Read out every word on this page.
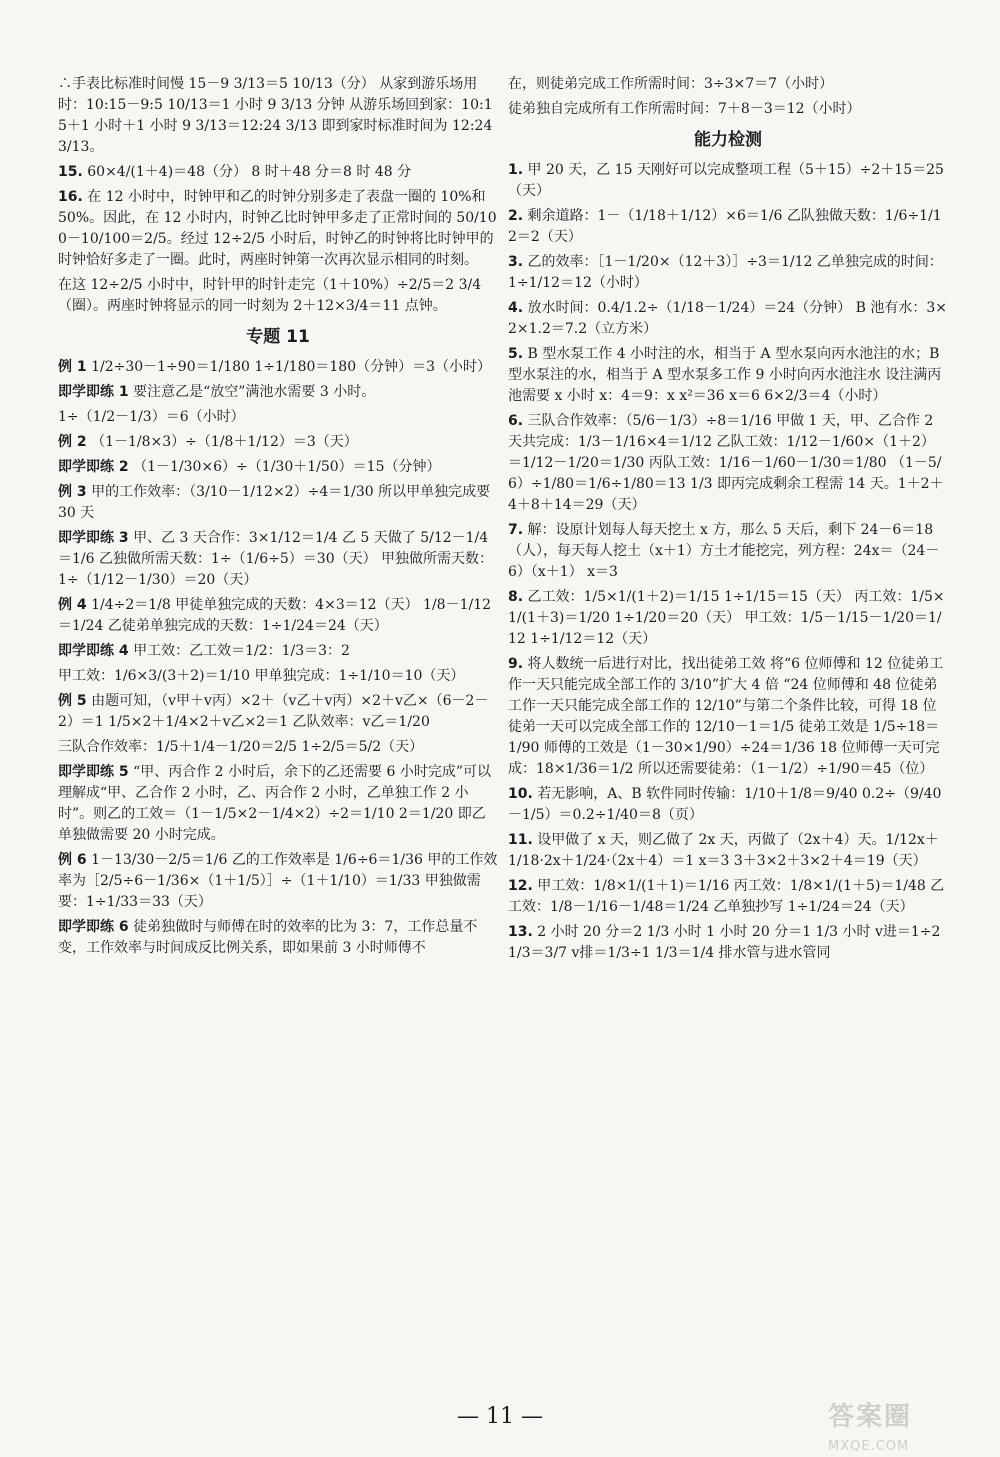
∴手表比标准时间慢 15－9 3/13＝5 10/13（分） 从家到游乐场用时：10:15－9:5 10/13＝1 小时 9 3/13 分钟 从游乐场回到家：10:15＋1 小时＋1 小时 9 3/13＝12:24 3/13 即到家时标准时间为 12:24 3/13。

15. 60×4/(1＋4)＝48（分） 8 时＋48 分＝8 时 48 分

16. 在 12 小时中，时钟甲和乙的时钟分别多走了表盘一圈的 10%和 50%。因此，在 12 小时内，时钟乙比时钟甲多走了正常时间的 50/100－10/100＝2/5。经过 12÷2/5 小时后，时钟乙的时钟将比时钟甲的时钟恰好多走了一圈。此时，两座时钟第一次再次显示相同的时刻。

在这 12÷2/5 小时中，时针甲的时针走完（1＋10%）÷2/5＝2 3/4（圈）。两座时钟将显示的同一时刻为 2＋12×3/4＝11 点钟。

专题 11

例 1 1/2÷30－1÷90＝1/180 1÷1/180＝180（分钟）＝3（小时）

即学即练 1 要注意乙是“放空”满池水需要 3 小时。

1÷（1/2－1/3）＝6（小时）

例 2 （1－1/8×3）÷（1/8＋1/12）＝3（天）

即学即练 2 （1－1/30×6）÷（1/30＋1/50）＝15（分钟）

例 3 甲的工作效率：（3/10－1/12×2）÷4＝1/30 所以甲单独完成要 30 天

即学即练 3 甲、乙 3 天合作：3×1/12＝1/4 乙 5 天做了 5/12－1/4＝1/6 乙独做所需天数：1÷（1/6÷5）＝30（天） 甲独做所需天数：1÷（1/12－1/30）＝20（天）

例 4 1/4÷2＝1/8 甲徒单独完成的天数：4×3＝12（天） 1/8－1/12＝1/24 乙徒弟单独完成的天数：1÷1/24＝24（天）

即学即练 4 甲工效：乙工效＝1/2：1/3＝3：2

甲工效：1/6×3/(3＋2)＝1/10 甲单独完成：1÷1/10＝10（天）

例 5 由题可知，（v甲＋v丙）×2＋（v乙＋v丙）×2＋v乙×（6－2－2）＝1 1/5×2＋1/4×2＋v乙×2＝1 乙队效率：v乙＝1/20

三队合作效率：1/5＋1/4－1/20＝2/5 1÷2/5＝5/2（天）

即学即练 5 “甲、丙合作 2 小时后，余下的乙还需要 6 小时完成”可以理解成“甲、乙合作 2 小时，乙、丙合作 2 小时，乙单独工作 2 小时”。则乙的工效＝（1－1/5×2－1/4×2）÷2＝1/10 2＝1/20 即乙单独做需要 20 小时完成。

例 6 1－13/30－2/5＝1/6 乙的工作效率是 1/6÷6＝1/36 甲的工作效率为［2/5÷6－1/36×（1＋1/5）］÷（1＋1/10）＝1/33 甲独做需要：1÷1/33＝33（天）

即学即练 6 徒弟独做时与师傅在时的效率的比为 3：7，工作总量不变，工作效率与时间成反比例关系，即如果前 3 小时师傅不

在，则徒弟完成工作所需时间：3÷3×7＝7（小时）

徒弟独自完成所有工作所需时间：7＋8－3＝12（小时）

能力检测

1. 甲 20 天，乙 15 天刚好可以完成整项工程（5＋15）÷2＋15＝25（天）

2. 剩余道路：1－（1/18＋1/12）×6＝1/6 乙队独做天数：1/6÷1/12＝2（天）

3. 乙的效率：［1－1/20×（12＋3）］÷3＝1/12 乙单独完成的时间：1÷1/12＝12（小时）

4. 放水时间：0.4/1.2÷（1/18－1/24）＝24（分钟） B 池有水：3×2×1.2＝7.2（立方米）

5. B 型水泵工作 4 小时注的水，相当于 A 型水泵向丙水池注的水；B 型水泵注的水，相当于 A 型水泵多工作 9 小时向丙水池注水 设注满丙池需要 x 小时 x：4＝9：x x²＝36 x＝6 6×2/3＝4（小时）

6. 三队合作效率：（5/6－1/3）÷8＝1/16 甲做 1 天，甲、乙合作 2 天共完成：1/3－1/16×4＝1/12 乙队工效：1/12－1/60×（1＋2）＝1/12－1/20＝1/30 丙队工效：1/16－1/60－1/30＝1/80 （1－5/6）÷1/80＝1/6÷1/80＝13 1/3 即丙完成剩余工程需 14 天。1＋2＋4＋8＋14＝29（天）

7. 解：设原计划每人每天挖土 x 方，那么 5 天后，剩下 24－6＝18（人），每天每人挖土（x＋1）方土才能挖完，列方程：24x＝（24－6）（x＋1） x＝3

8. 乙工效：1/5×1/(1＋2)＝1/15 1÷1/15＝15（天） 丙工效：1/5×1/(1＋3)＝1/20 1÷1/20＝20（天） 甲工效：1/5－1/15－1/20＝1/12 1÷1/12＝12（天）

9. 将人数统一后进行对比，找出徒弟工效 将“6 位师傅和 12 位徒弟工作一天只能完成全部工作的 3/10”扩大 4 倍 “24 位师傅和 48 位徒弟工作一天只能完成全部工作的 12/10”与第二个条件比较，可得 18 位徒弟一天可以完成全部工作的 12/10－1＝1/5 徒弟工效是 1/5÷18＝1/90 师傅的工效是（1－30×1/90）÷24＝1/36 18 位师傅一天可完成：18×1/36＝1/2 所以还需要徒弟：（1－1/2）÷1/90＝45（位）

10. 若无影响，A、B 软件同时传输：1/10＋1/8＝9/40 0.2÷（9/40－1/5）＝0.2÷1/40＝8（页）

11. 设甲做了 x 天，则乙做了 2x 天，丙做了（2x＋4）天。1/12x＋1/18·2x＋1/24·（2x＋4）＝1 x＝3 3＋3×2＋3×2＋4＝19（天）

12. 甲工效：1/8×1/(1＋1)＝1/16 丙工效：1/8×1/(1＋5)＝1/48 乙工效：1/8－1/16－1/48＝1/24 乙单独抄写 1÷1/24＝24（天）

13. 2 小时 20 分＝2 1/3 小时 1 小时 20 分＝1 1/3 小时 v进＝1÷2 1/3＝3/7 v排＝1/3÷1 1/3＝1/4 排水管与进水管同

— 11 —	答案圈
MXQE.COM
